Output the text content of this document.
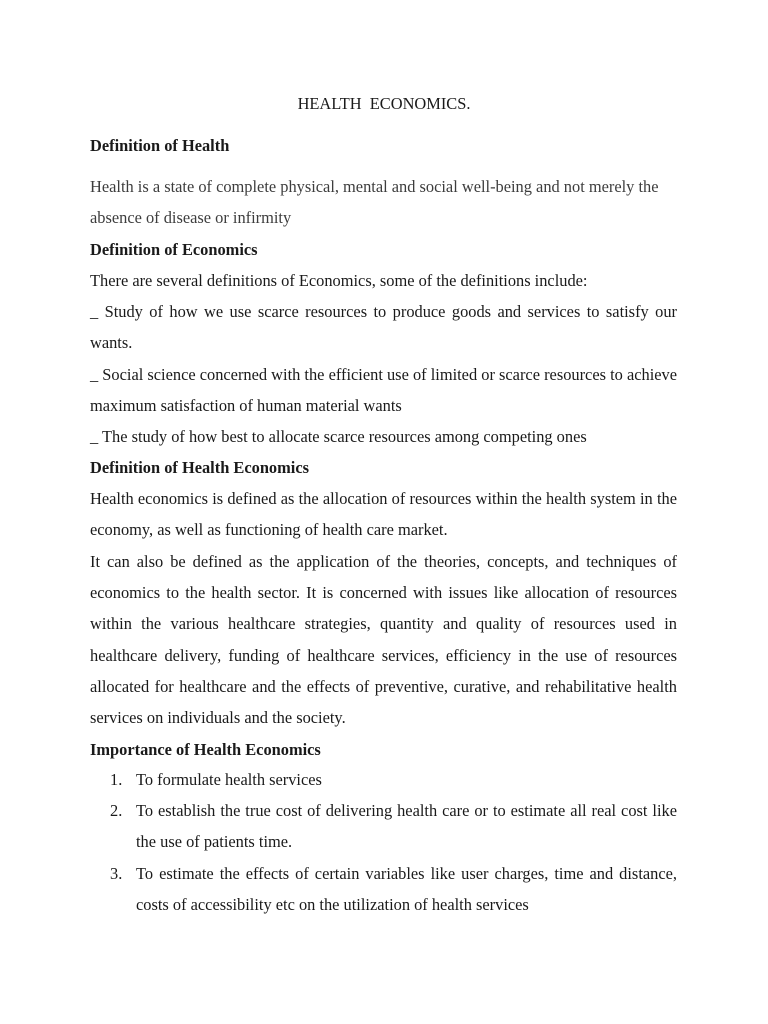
HEALTH  ECONOMICS.
Definition of Health
Health is a state of complete physical, mental and social well-being and not merely the absence of disease or infirmity
Definition of Economics
There are several definitions of Economics, some of the definitions include:
_ Study of how we use scarce resources to produce goods and services to satisfy our wants.
_ Social science concerned with the efficient use of limited or scarce resources to achieve maximum satisfaction of human material wants
_ The study of how best to allocate scarce resources among competing ones
Definition of Health Economics
Health economics is defined as the allocation of resources within the health system in the economy, as well as functioning of health care market.
It can also be defined as the application of the theories, concepts, and techniques of economics to the health sector. It is concerned with issues like allocation of resources within the various healthcare strategies, quantity and quality of resources used in healthcare delivery, funding of healthcare services, efficiency in the use of resources allocated for healthcare and the effects of preventive, curative, and rehabilitative health services on individuals and the society.
Importance of Health Economics
1. To formulate health services
2. To establish the true cost of delivering health care or to estimate all real cost like the use of patients time.
3. To estimate the effects of certain variables like user charges, time and distance, costs of accessibility etc on the utilization of health services
